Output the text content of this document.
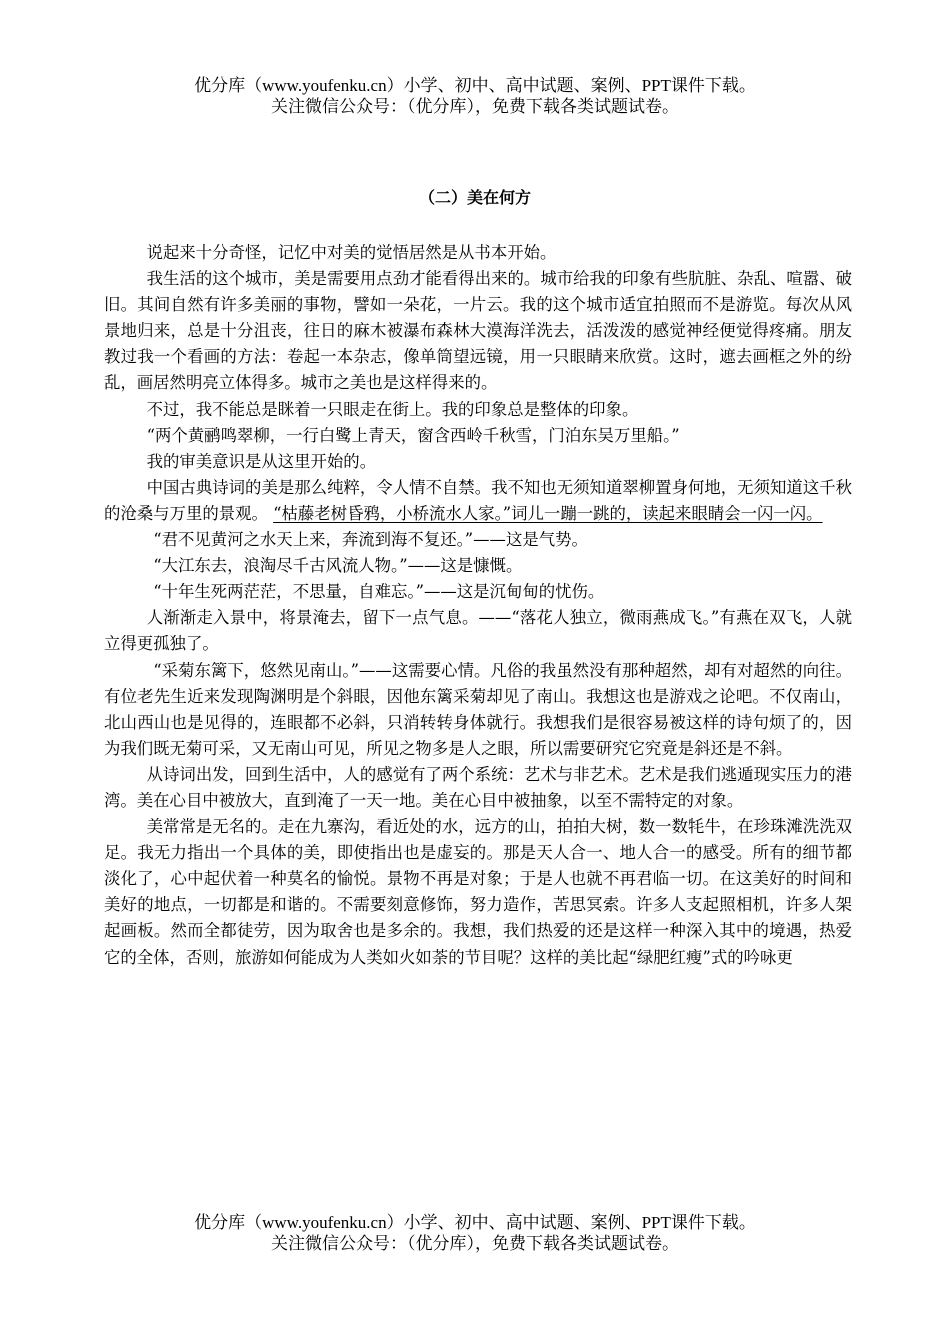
优分库（www.youfenku.cn）小学、初中、高中试题、案例、PPT课件下载。
关注微信公众号：（优分库），免费下载各类试题试卷。
（二）美在何方

说起来十分奇怪，记忆中对美的觉悟居然是从书本开始。

我生活的这个城市，美是需要用点劲才能看得出来的。城市给我的印象有些肮脏、杂乱、喧嚣、破旧。其间自然有许多美丽的事物，譬如一朵花，一片云。我的这个城市适宜拍照而不是游览。每次从风景地归来，总是十分沮丧，往日的麻木被瀑布森林大漠海洋洗去，活泼泼的感觉神经便觉得疼痛。朋友教过我一个看画的方法：卷起一本杂志，像单筒望远镜，用一只眼睛来欣赏。这时，遮去画框之外的纷乱，画居然明亮立体得多。城市之美也是这样得来的。

不过，我不能总是眯着一只眼走在街上。我的印象总是整体的印象。

“两个黄鹂鸣翠柳，一行白鹭上青天，窗含西岭千秋雪，门泊东吴万里船。”

我的审美意识是从这里开始的。

中国古典诗词的美是那么纯粹，令人情不自禁。我不知也无须知道翠柳置身何地，无须知道这千秋的沧桑与万里的景观。 “枯藤老树昏鸦，小桥流水人家。”词儿一蹦一跳的，读起来眼睛会一闪一闪。

“君不见黄河之水天上来，奔流到海不复还。”——这是气势。

“大江东去，浪淘尽千古风流人物。”——这是慷慨。

“十年生死两茫茫，不思量，自难忘。”——这是沉甸甸的忧伤。

人渐渐走入景中，将景淹去，留下一点气息。——“落花人独立，微雨燕成飞。”有燕在双飞，人就立得更孤独了。

“采菊东篱下，悠然见南山。”——这需要心情。凡俗的我虽然没有那种超然，却有对超然的向往。有位老先生近来发现陶渊明是个斜眼，因他东篱采菊却见了南山。我想这也是游戏之论吧。不仅南山，北山西山也是见得的，连眼都不必斜，只消转转身体就行。我想我们是很容易被这样的诗句烦了的，因为我们既无菊可采，又无南山可见，所见之物多是人之眼，所以需要研究它究竟是斜还是不斜。

从诗词出发，回到生活中，人的感觉有了两个系统：艺术与非艺术。艺术是我们逃遁现实压力的港湾。美在心目中被放大，直到淹了一天一地。美在心目中被抽象，以至不需特定的对象。

美常常是无名的。走在九寨沟，看近处的水，远方的山，拍拍大树，数一数牦牛，在珍珠滩洗洗双足。我无力指出一个具体的美，即使指出也是虚妄的。那是天人合一、地人合一的感受。所有的细节都淡化了，心中起伏着一种莫名的愉悦。景物不再是对象；于是人也就不再君临一切。在这美好的时间和美好的地点，一切都是和谐的。不需要刻意修饰，努力造作，苦思冥索。许多人支起照相机，许多人架起画板。然而全都徒劳，因为取舍也是多余的。我想，我们热爱的还是这样一种深入其中的境遇，热爱它的全体，否则，旅游如何能成为人类如火如荼的节目呢？这样的美比起“绿肥红瘦”式的吟咏更

优分库（www.youfenku.cn）小学、初中、高中试题、案例、PPT课件下载。
关注微信公众号：（优分库），免费下载各类试题试卷。
